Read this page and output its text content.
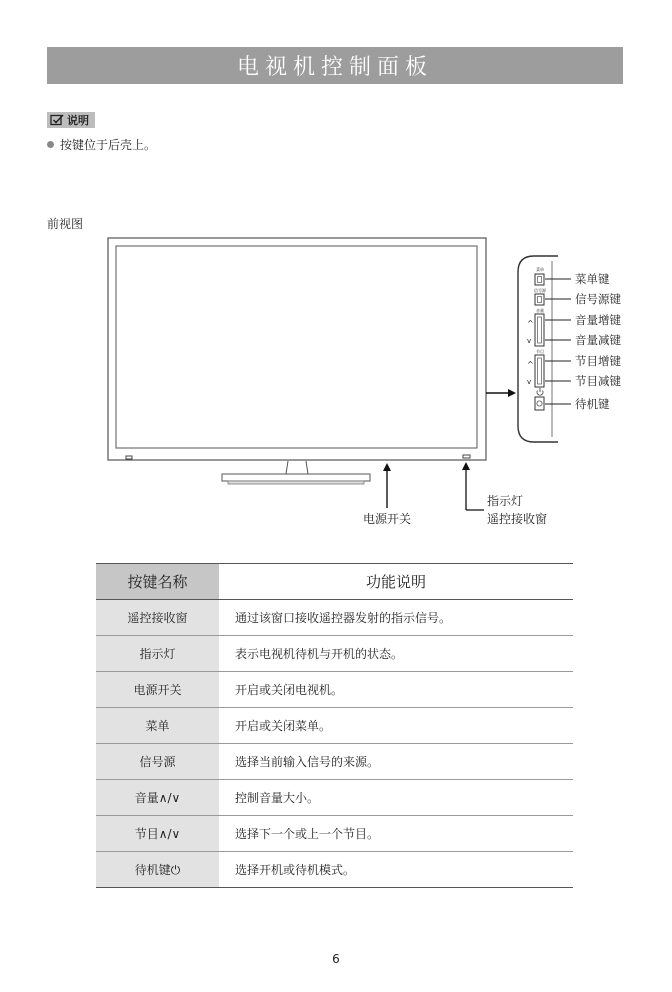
电视机控制面板
说明
按键位于后壳上。
前视图
菜单
信号源
音量
^
v
节目
^
v
菜单键
信号源键
音量增键
音量减键
节目增键
节目减键
待机键
电源开关
指示灯
遥控接收窗
按键名称	功能说明
遥控接收窗	通过该窗口接收遥控器发射的指示信号。
指示灯	表示电视机待机与开机的状态。
电源开关	开启或关闭电视机。
菜单	开启或关闭菜单。
信号源	选择当前输入信号的来源。
音量∧/∨	控制音量大小。
节目∧/∨	选择下一个或上一个节目。
待机键⏻	选择开机或待机模式。
6
